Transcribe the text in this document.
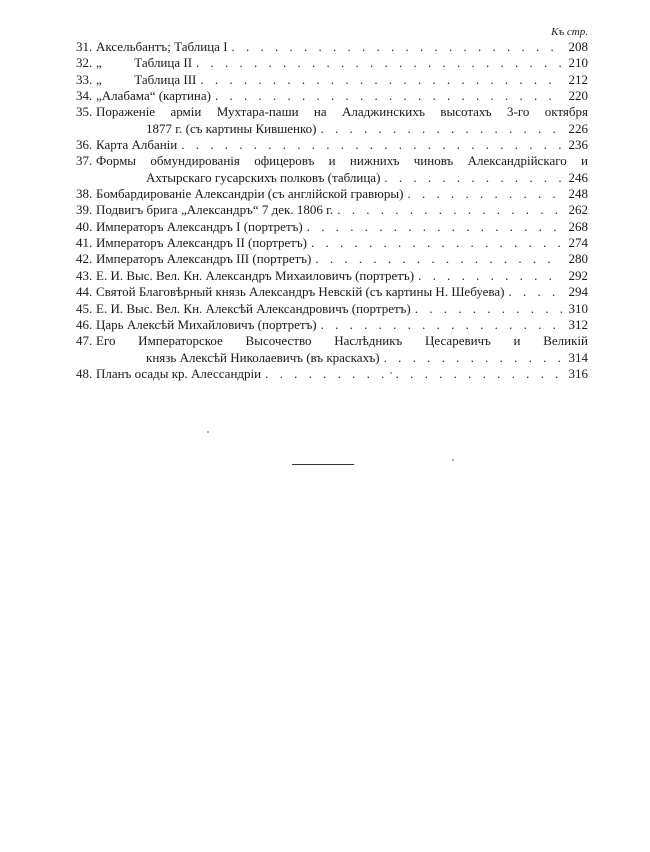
Къ стр.
31. Аксельбантъ; Таблица I . . .	208
32. „          Таблица II . . .	210
33. „          Таблица III . . .	212
34. „Алабама“ (картина) . . .	220
35. Пораженіе арміи Мухтара-паши на Аладжинскихъ высотахъ 3-го октября
1877 г. (съ картины Кившенко) . . .	226
36. Карта Албаніи . . .	236
37. Формы обмундированія офицеровъ и нижнихъ чиновъ Александрійскаго и
Ахтырскаго гусарскихъ полковъ (таблица) . . .	246
38. Бомбардированіе Александріи (съ англійской гравюры) . . .	248
39. Подвигъ брига „Александръ“ 7 дек. 1806 г. . . .	262
40. Императоръ Александръ I (портретъ) . . .	268
41. Императоръ Александръ II (портретъ) . . .	274
42. Императоръ Александръ III (портретъ) . . .	280
43. Е. И. Выс. Вел. Кн. Александръ Михаиловичъ (портретъ) . . .	292
44. Святой Благовѣрный князь Александръ Невскій (съ картины Н. Шебуева) . . .	294
45. Е. И. Выс. Вел. Кн. Алексѣй Александровичъ (портретъ) . . .	310
46. Царь Алексѣй Михайловичъ (портретъ) . . .	312
47. Его Императорское Высочество Наслѣдникъ Цесаревичъ и Великій
князь Алексѣй Николаевичъ (въ краскахъ) . . .	314
48. Планъ осады кр. Алессандріи . . .	316
